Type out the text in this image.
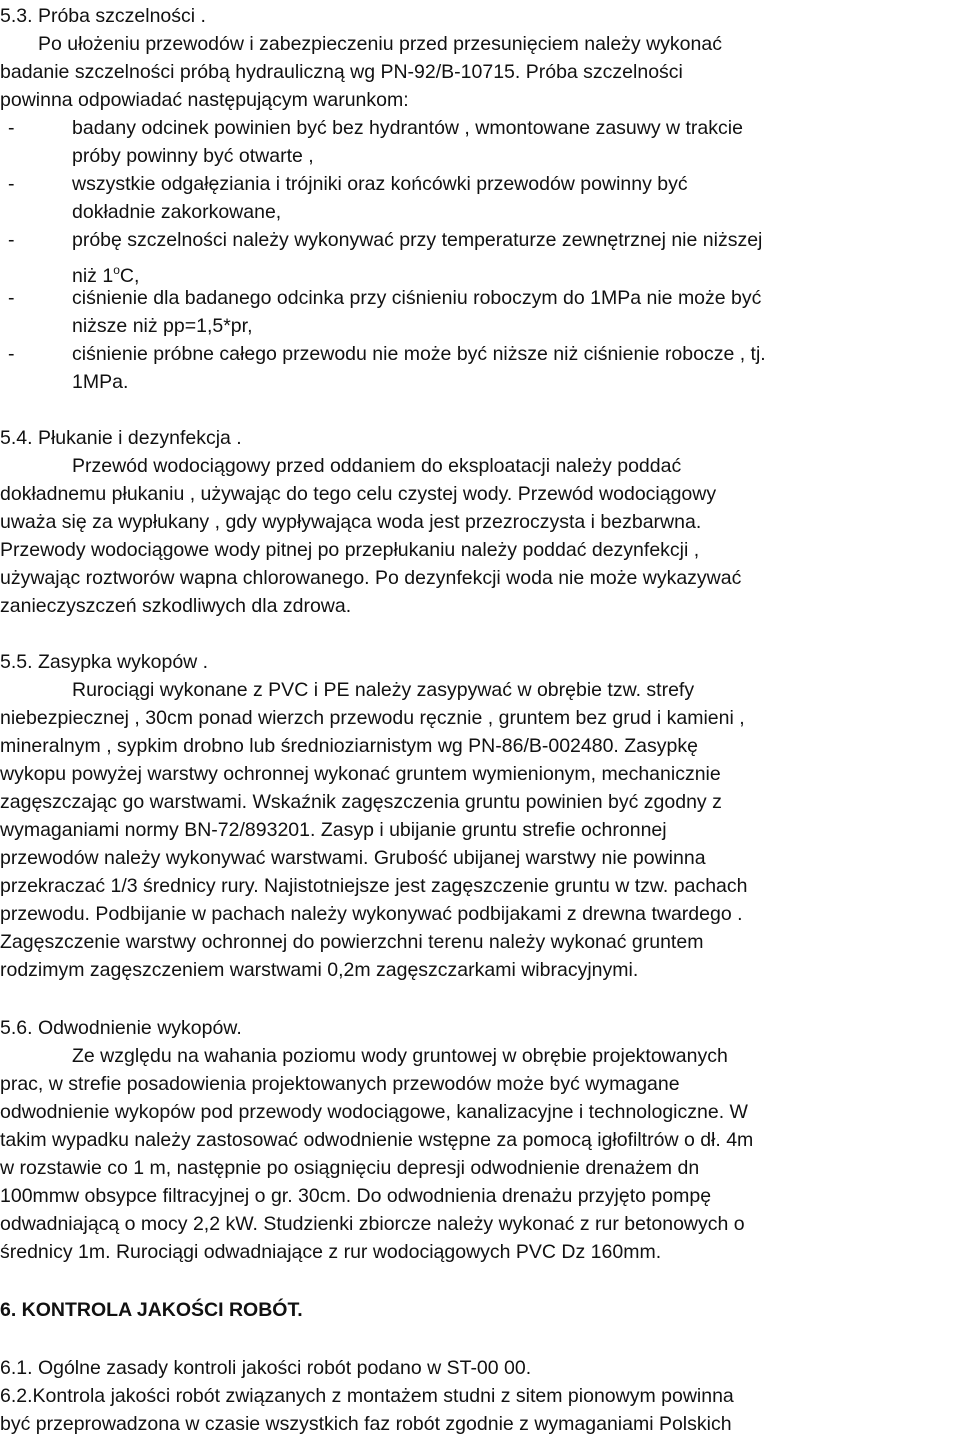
5.3. Próba szczelności .
Po ułożeniu przewodów i zabezpieczeniu przed przesunięciem należy wykonać
badanie szczelności próbą hydrauliczną wg PN-92/B-10715. Próba szczelności
powinna odpowiadać następującym warunkom:
-	badany odcinek powinien być bez hydrantów , wmontowane zasuwy w trakcie
próby powinny być otwarte ,
-	wszystkie odgałęziania i trójniki oraz końcówki przewodów powinny być
dokładnie zakorkowane,
-	próbę szczelności należy wykonywać przy temperaturze zewnętrznej nie niższej
niż 1$^o$C,
-	ciśnienie dla badanego odcinka przy ciśnieniu roboczym do 1MPa nie może być
niższe niż pp=1,5*pr,
-	ciśnienie próbne całego przewodu nie może być niższe niż ciśnienie robocze , tj.
1MPa.
5.4. Płukanie i dezynfekcja .
Przewód wodociągowy przed oddaniem do eksploatacji należy poddać
dokładnemu płukaniu , używając do tego celu czystej wody. Przewód wodociągowy
uważa się za wypłukany , gdy wypływająca woda jest przezroczysta i bezbarwna.
Przewody wodociągowe wody pitnej po przepłukaniu należy poddać dezynfekcji ,
używając roztworów wapna chlorowanego. Po dezynfekcji woda nie może wykazywać
zanieczyszczeń szkodliwych dla zdrowa.
5.5. Zasypka wykopów .
Rurociągi wykonane z PVC i PE należy zasypywać w obrębie tzw. strefy
niebezpiecznej , 30cm ponad wierzch przewodu ręcznie , gruntem bez grud i kamieni ,
mineralnym , sypkim drobno lub średnioziarnistym wg PN-86/B-002480. Zasypkę
wykopu powyżej warstwy ochronnej wykonać gruntem wymienionym, mechanicznie
zagęszczając go warstwami. Wskaźnik zagęszczenia gruntu powinien być zgodny z
wymaganiami normy BN-72/893201. Zasyp i ubijanie gruntu strefie ochronnej
przewodów należy wykonywać warstwami. Grubość ubijanej warstwy nie powinna
przekraczać 1/3 średnicy rury. Najistotniejsze jest zagęszczenie gruntu w tzw. pachach
przewodu. Podbijanie w pachach należy wykonywać podbijakami z drewna twardego .
Zagęszczenie warstwy ochronnej do powierzchni terenu należy wykonać gruntem
rodzimym zagęszczeniem warstwami 0,2m zagęszczarkami wibracyjnymi.
5.6. Odwodnienie wykopów.
Ze względu na wahania poziomu wody gruntowej w obrębie projektowanych
prac, w strefie posadowienia projektowanych przewodów może być wymagane
odwodnienie wykopów pod przewody wodociągowe, kanalizacyjne i technologiczne. W
takim wypadku należy zastosować odwodnienie wstępne za pomocą igłofiltrów o dł. 4m
w rozstawie co 1 m, następnie po osiągnięciu depresji odwodnienie drenażem dn
100mmw obsypce filtracyjnej o gr. 30cm. Do odwodnienia drenażu przyjęto pompę
odwadniającą o mocy 2,2 kW. Studzienki zbiorcze należy wykonać z rur betonowych o
średnicy 1m. Rurociągi odwadniające z rur wodociągowych PVC Dz 160mm.
6. KONTROLA JAKOŚCI ROBÓT.
6.1. Ogólne zasady kontroli jakości robót podano w ST-00 00.
6.2.Kontrola jakości robót związanych z montażem studni z sitem pionowym powinna
być przeprowadzona w czasie wszystkich faz robót zgodnie z wymaganiami Polskich
